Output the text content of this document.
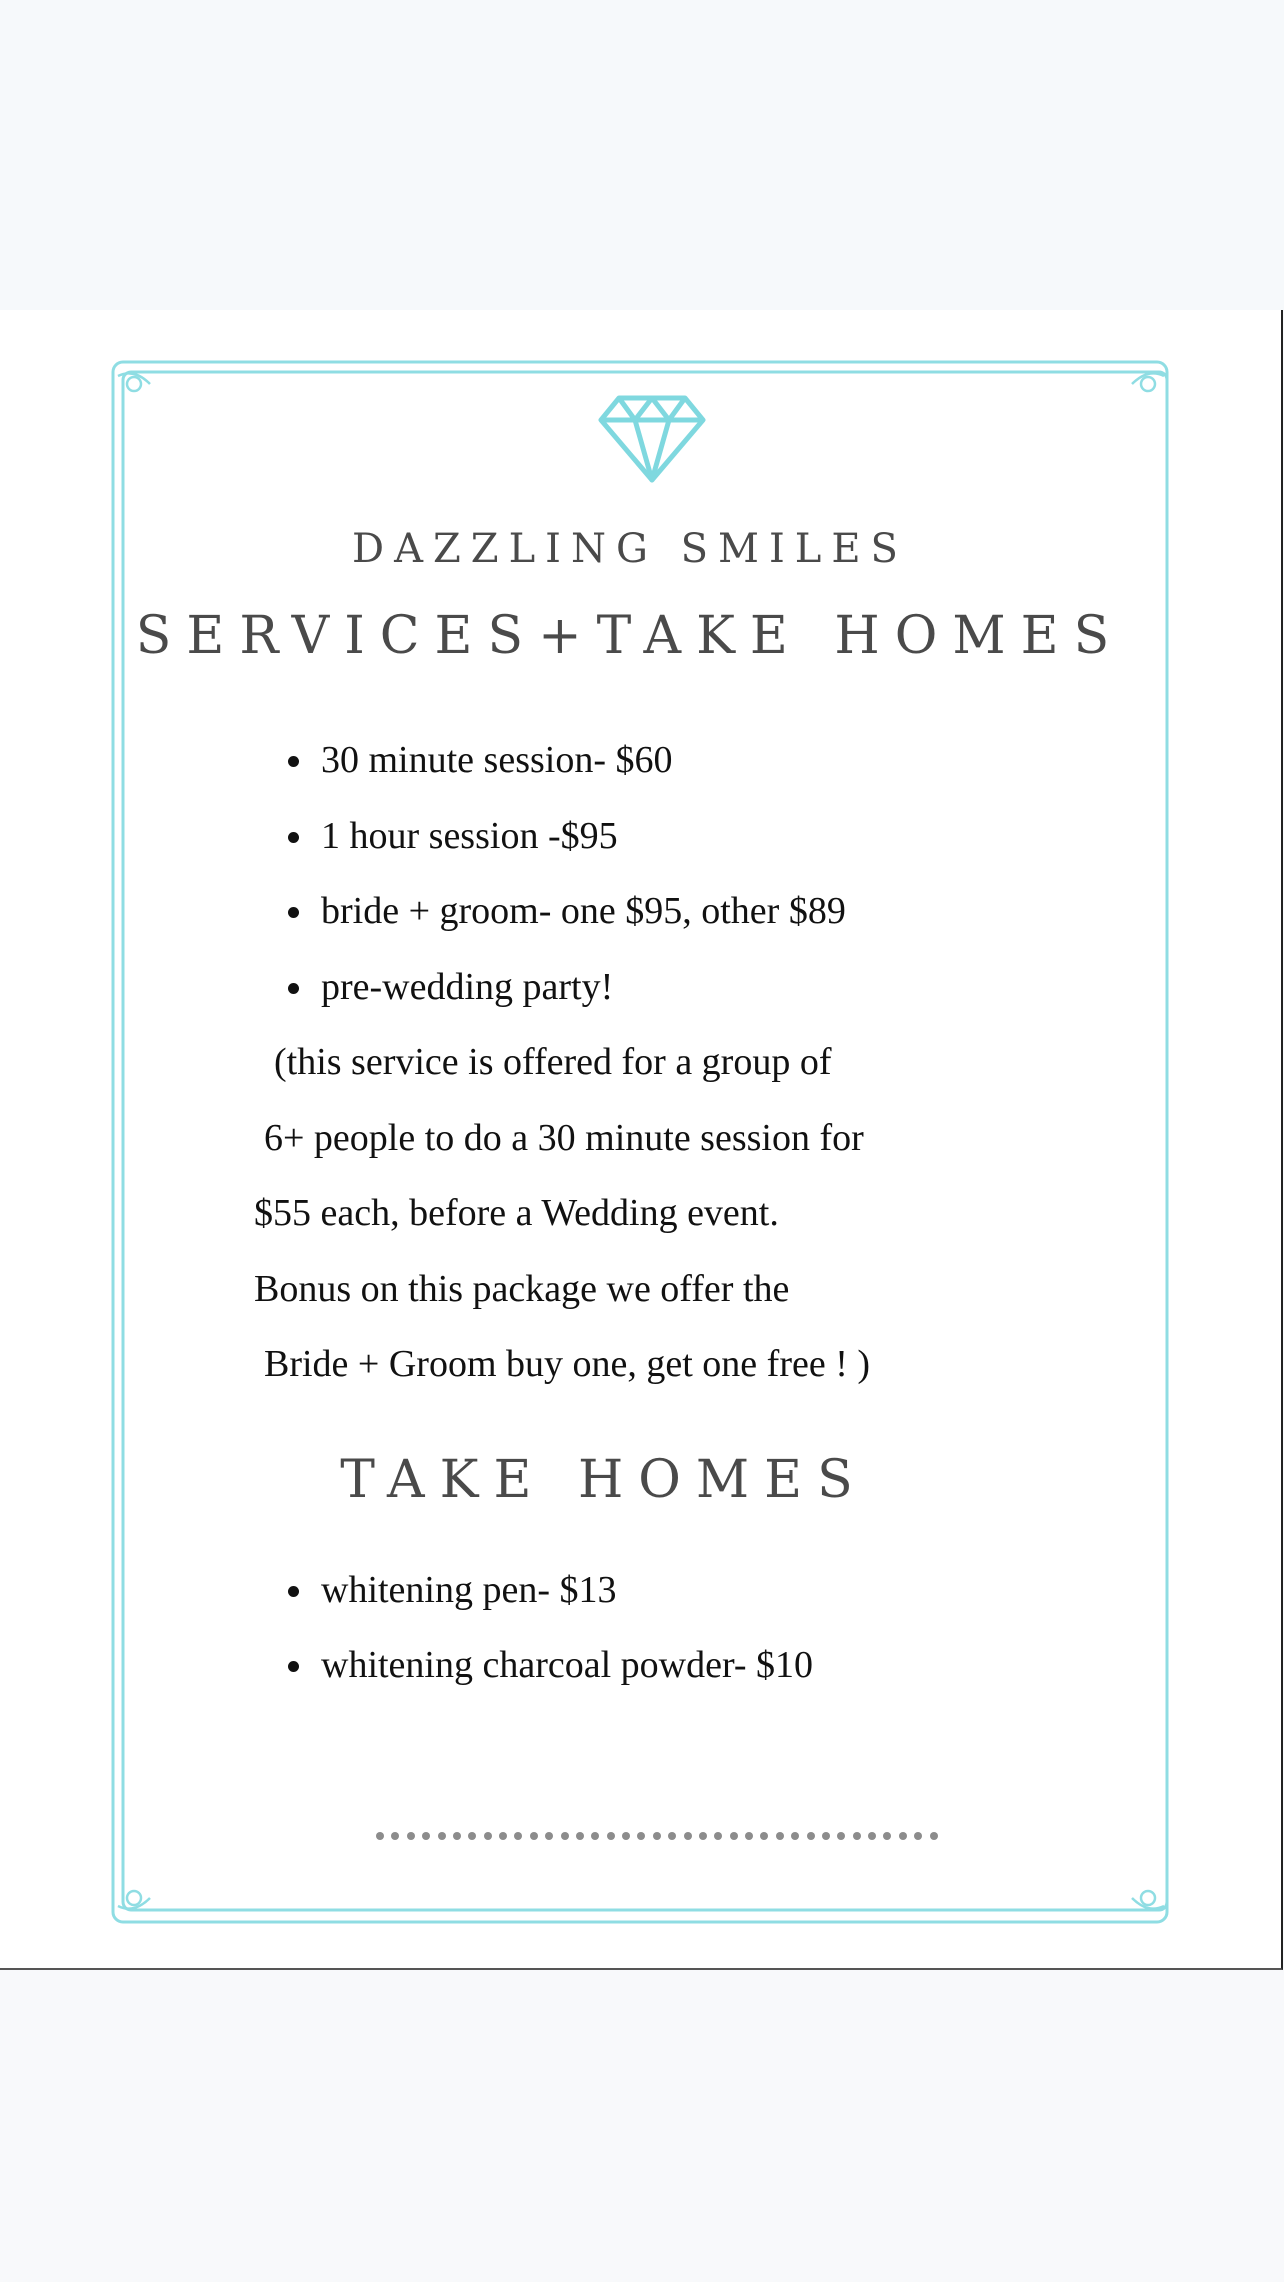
DAZZLING SMILES
SERVICES+TAKE HOMES
30 minute session- $60
1 hour session -$95
bride + groom- one $95, other $89
pre-wedding party!
(this service is offered for a group of
6+ people to do a 30 minute session for
$55 each, before a Wedding event.
Bonus on this package we offer the
Bride + Groom buy one, get one free ! )
TAKE HOMES
whitening pen- $13
whitening charcoal powder- $10
